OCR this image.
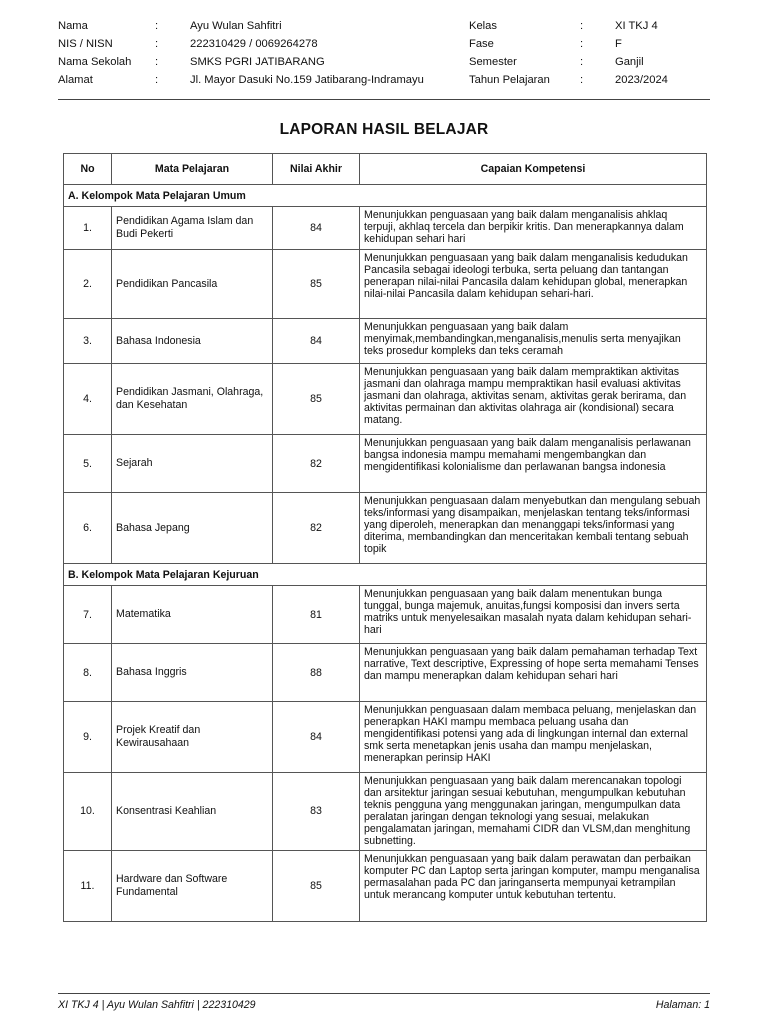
Nama	:	Ayu Wulan Sahfitri
NIS / NISN	:	222310429 / 0069264278
Nama Sekolah :	SMKS PGRI JATIBARANG
Alamat	:	Jl. Mayor Dasuki No.159 Jatibarang-Indramayu
Kelas	:	XI TKJ 4
Fase	:	F
Semester	:	Ganjil
Tahun Pelajaran	:	2023/2024
LAPORAN HASIL BELAJAR
No	Mata Pelajaran	Nilai Akhir	Capaian Kompetensi
A. Kelompok Mata Pelajaran Umum			
1.	Pendidikan Agama Islam dan Budi Pekerti	84	Menunjukkan penguasaan yang baik dalam menganalisis ahklaq terpuji, akhlaq tercela dan berpikir kritis. Dan menerapkannya dalam kehidupan sehari hari
2.	Pendidikan Pancasila	85	Menunjukkan penguasaan yang baik dalam menganalisis kedudukan Pancasila sebagai ideologi terbuka, serta peluang dan tantangan penerapan nilai-nilai Pancasila dalam kehidupan global, menerapkan nilai-nilai Pancasila dalam kehidupan sehari-hari.
3.	Bahasa Indonesia	84	Menunjukkan penguasaan yang baik dalam menyimak,membandingkan,menganalisis,menulis serta menyajikan teks prosedur kompleks dan teks ceramah
4.	Pendidikan Jasmani, Olahraga, dan Kesehatan	85	Menunjukkan penguasaan yang baik dalam mempraktikan aktivitas jasmani dan olahraga mampu mempraktikan hasil evaluasi aktivitas jasmani dan olahraga, aktivitas senam, aktivitas gerak berirama, dan aktivitas permainan dan aktivitas olahraga air (kondisional) secara matang.
5.	Sejarah	82	Menunjukkan penguasaan yang baik dalam menganalisis perlawanan bangsa indonesia mampu memahami mengembangkan dan mengidentifikasi kolonialisme dan perlawanan bangsa indonesia
6.	Bahasa Jepang	82	Menunjukkan penguasaan dalam menyebutkan dan mengulang sebuah teks/informasi yang disampaikan, menjelaskan tentang teks/informasi yang diperoleh, menerapkan dan menanggapi teks/informasi yang diterima, membandingkan dan menceritakan kembali tentang sebuah topik
B. Kelompok Mata Pelajaran Kejuruan			
7.	Matematika	81	Menunjukkan penguasaan yang baik dalam menentukan bunga tunggal, bunga majemuk, anuitas,fungsi komposisi dan invers serta matriks untuk menyelesaikan masalah nyata dalam kehidupan sehari-hari
8.	Bahasa Inggris	88	Menunjukkan penguasaan yang baik dalam pemahaman terhadap Text narrative, Text descriptive, Expressing of hope serta memahami Tenses dan mampu menerapkan dalam kehidupan sehari hari
9.	Projek Kreatif dan Kewirausahaan	84	Menunjukkan penguasaan dalam membaca peluang, menjelaskan dan penerapkan HAKI mampu membaca peluang usaha dan mengidentifikasi potensi yang ada di lingkungan internal dan external smk serta menetapkan jenis usaha dan mampu menjelaskan, menerapkan perinsip HAKI
10.	Konsentrasi Keahlian	83	Menunjukkan penguasaan yang baik dalam merencanakan topologi dan arsitektur jaringan sesuai kebutuhan, mengumpulkan kebutuhan teknis pengguna yang menggunakan jaringan, mengumpulkan data peralatan jaringan dengan teknologi yang sesuai, melakukan pengalamatan jaringan, memahami CIDR dan VLSM,dan menghitung subnetting.
11.	Hardware dan Software Fundamental	85	Menunjukkan penguasaan yang baik dalam perawatan dan perbaikan komputer PC dan Laptop serta jaringan komputer, mampu menganalisa permasalahan pada PC dan jaringanserta mempunyai ketrampilan untuk merancang komputer untuk kebutuhan tertentu.
XI TKJ 4 | Ayu Wulan Sahfitri | 222310429	Halaman: 1
